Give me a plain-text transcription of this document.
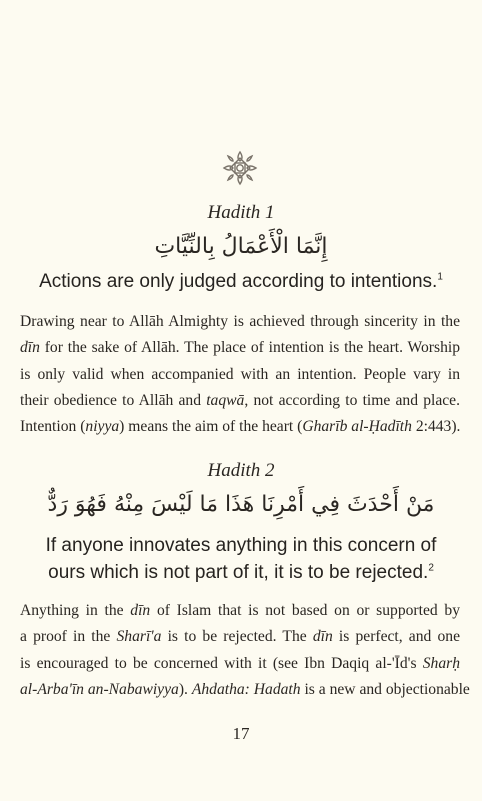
Hadith 1
إِنَّمَا الْأَعْمَالُ بِالنِّيَّاتِ
Actions are only judged according to intentions.$^1$
Drawing near to Allāh Almighty is achieved through sincerity in the
dīn for the sake of Allāh. The place of intention is the heart. Worship
is only valid when accompanied with an intention. People vary in
their obedience to Allāh and taqwā, not according to time and place.
Intention (niyya) means the aim of the heart (Gharīb al-Ḥadīth 2:443).
Hadith 2
مَنْ أَحْدَثَ فِي أَمْرِنَا هَذَا مَا لَيْسَ مِنْهُ فَهُوَ رَدٌّ
If anyone innovates anything in this concern of
ours which is not part of it, it is to be rejected.$^2$
Anything in the dīn of Islam that is not based on or supported by
a proof in the Sharī'a is to be rejected. The dīn is perfect, and one
is encouraged to be concerned with it (see Ibn Daqiq al-'Īd's Sharḥ
al-Arba'īn an-Nabawiyya). Ahdatha: Hadath is a new and objectionable
17
